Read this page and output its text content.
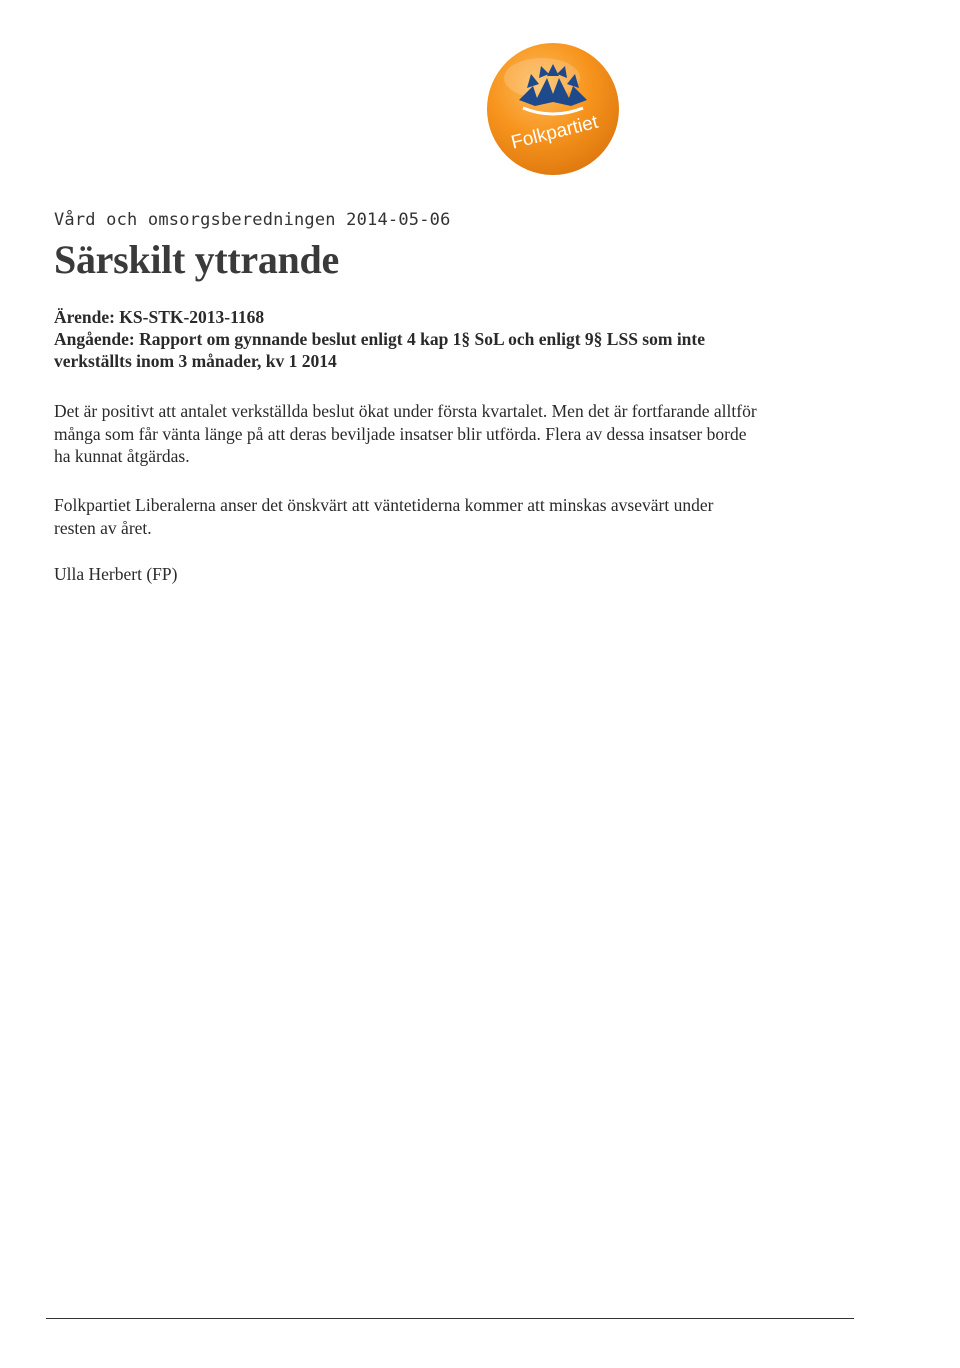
Folkpartiet
Vård och omsorgsberedningen 2014-05-06
Särskilt yttrande
Ärende: KS-STK-2013-1168
Angående: Rapport om gynnande beslut enligt 4 kap 1§ SoL och enligt 9§ LSS som inte
verkställts inom 3 månader, kv 1 2014
Det är positivt att antalet verkställda beslut ökat under första kvartalet. Men det är fortfarande alltför
många som får vänta länge på att deras beviljade insatser blir utförda. Flera av dessa insatser borde
ha kunnat åtgärdas.
Folkpartiet Liberalerna anser det önskvärt att väntetiderna kommer att minskas avsevärt under
resten av året.
Ulla Herbert (FP)
